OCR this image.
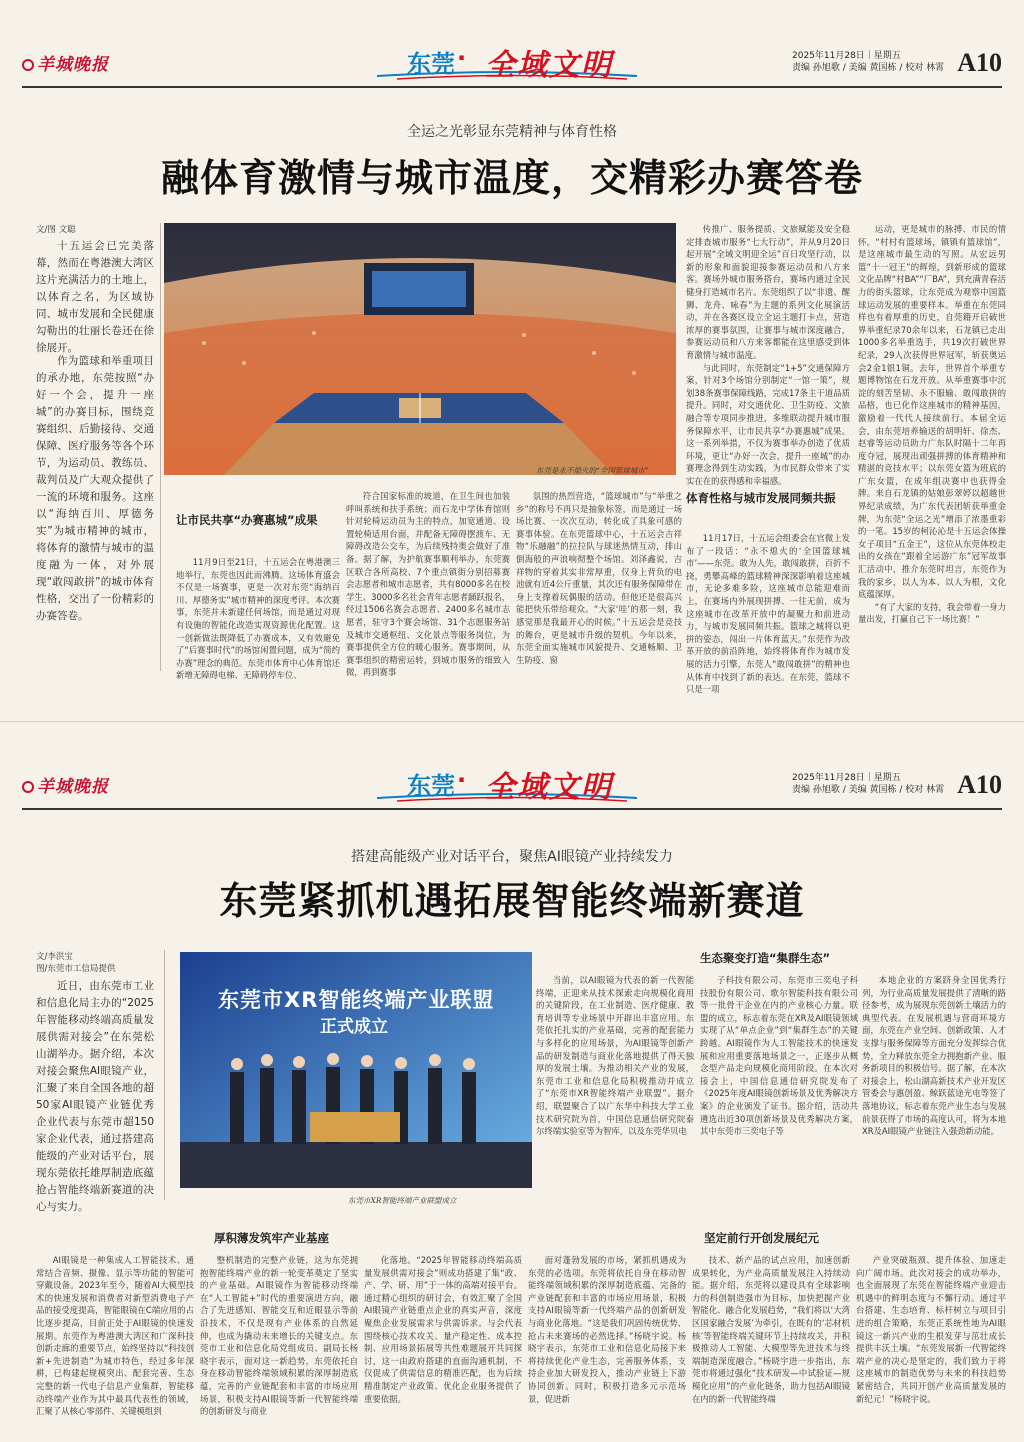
羊城晚报	东莞 · 全域文明	2025年11月28日｜星期五
责编 孙旭歌 / 美编 黄国栋 / 校对 林霄 A10
全运之光彰显东莞精神与体育性格
融体育激情与城市温度，交精彩办赛答卷
文/图 文聪

十五运会已完美落幕，然而在粤港澳大湾区这片充满活力的土地上，以体育之名，为区域协同、城市发展和全民健康勾勒出的壮丽长卷还在徐徐展开。

作为篮球和举重项目的承办地，东莞按照“办好一个会，提升一座城”的办赛目标，围绕竞赛组织、后勤接待、交通保障、医疗服务等各个环节，为运动员、教练员、裁判员及广大观众提供了一流的环境和服务。这座以“海纳百川、厚德务实”为城市精神的城市，将体育的激情与城市的温度融为一体，对外展现“敢闯敢拼”的城市体育性格，交出了一份精彩的办赛答卷。

东莞是永不熄火的“全国篮球城市”
让市民共享“办赛惠城”成果

11月9日至21日，十五运会在粤港澳三地举行，东莞也因此而沸腾。这场体育盛会不仅是一场赛事，更是一次对东莞“海纳百川、厚德务实”城市精神的深度考评。本次赛事，东莞并未新建任何场馆，而是通过对现有设施的智能化改造实现资源优化配置。这一创新做法既降低了办赛成本，又有效避免了“后赛事时代”的场馆闲置问题，成为“简约办赛”理念的典范。东莞市体育中心体育馆还新增无障碍电梯、无障碍停车位、

符合国家标准的坡道，在卫生间也加装呼叫系统和扶手系统；而石龙中学体育馆则针对轮椅运动员为主的特点，加宽通道、设置轮椅适用台面，并配备无障碍摆渡车、无障碍改造公交车，为后续残特奥会做好了准备。据了解，为护航赛事顺利举办，东莞赛区联合各所高校、7个重点镇街分别招募赛会志愿者和城市志愿者，共有8000多名在校学生、3000多名社会青年志愿者踊跃报名，经过1506名赛会志愿者、2400多名城市志愿者，驻守3个赛会场馆、31个志愿服务站及城市交通枢纽、文化景点等服务岗位，为赛事提供全方位的暖心服务。赛事期间，从赛事组织的精密运转，到城市服务的细致入微，再到赛事

氛围的热烈营造，“篮球城市”与“举重之乡”的称号不再只是抽象标签，而是通过一场场比赛、一次次互动，转化成了具象可感的赛事体验。在东莞篮球中心，十五运会吉祥物“乐融融”的拉拉队与球迷热情互动，排山倒海般的声浪响彻整个场馆。刘泽鑫说，吉祥物的穿着其实非常厚重，仅身上背负的电池就有近4公斤重量，其次还有服务保障带在身上支撑着玩偶服的活动。但他还是很高兴能把快乐带给观众。“大家‘哇’的那一刻，我感觉那是我最开心的时候。”十五运会是竞技的舞台，更是城市升级的契机。今年以来，东莞全面实施城市风貌提升、交通畅顺、卫生防疫、窗

传推广、服务提质、文旅赋能及安全稳定排查城市服务“七大行动”，并从9月20日起开展“全域文明迎全运”百日攻坚行动，以新的形象和面貌迎接参赛运动员和八方来客。赛场外城市服务搭台，赛场内通过全民健身打造城市名片。东莞组织了以“非遗、醒狮、龙舟、咏春”为主题的系列文化展演活动，并在各赛区设立全运主题打卡点，营造浓厚的赛事氛围，让赛事与城市深度融合，参赛运动员和八方来客都能在这里感受到体育激情与城市温度。

与此同时，东莞制定“1+5”交通保障方案，针对3个场馆分别制定“一馆一策”，规划38条赛事保障线路，完成17条主干道品质提升。同时，对交通优化、卫生防疫、文旅融合等专项同步推进，多维联动提升城市服务保障水平，让市民共享“办赛惠城”成果。这一系列举措，不仅为赛事举办创造了优质环境，更让“办好一次会，提升一座城”的办赛理念得到生动实践，为市民群众带来了实实在在的获得感和幸福感。

体育性格与城市发展同频共振

11月17日，十五运会组委会在官微上发布了一段话：“永不熄火的‘全国篮球城市’——东莞。敢为人先，敢闯敢拼，百折不挠，勇攀高峰的篮球精神深深影响着这座城市，无论多难多险，这座城市总能迎难而上，在赛场内外展现拼搏、一往无前，成为这座城市在改革开放中的凝聚力和前进动力，与城市发展同频共振。篮球之城将以更拼的姿态，闯出一片体育蓝天。”东莞作为改革开放的前沿阵地，始终将体育作为城市发展的活力引擎，东莞人“敢闯敢拼”的精神也从体育中找到了新的表达。在东莞，篮球不只是一项

运动，更是城市的脉搏、市民的情怀。“村村有篮球场，镇镇有篮球馆”，是这座城市最生动的写照。从宏远男篮“十一冠王”的辉煌，到新形成的篮球文化品牌“村BA”“厂BA”，到充满青春活力的街头篮球，让东莞成为观察中国篮球运动发展的重要样本。举重在东莞同样也有着厚重的历史，自莞籍开启破世界举重纪录70余年以来，石龙镇已走出1000多名举重选手，共19次打破世界纪录，29人次获得世界冠军，斩获奥运会2金1银1铜。去年，世界首个举重专题博物馆在石龙开放。从举重赛事中沉淀的刻苦坚韧、永不服输、敢闯敢拼的品格，也已化作这座城市的精神基因，激励着一代代人接续前行。本届全运会，由东莞培养输送的胡明轩、徐杰、赵睿等运动员助力广东队时隔十二年再度夺冠，展现出顽强拼搏的体育精神和精湛的竞技水平；以东莞女篮为班底的广东女篮，在成年组决赛中也获得金牌。来自石龙镇的姑娘彭翠婷以超越世界纪录成绩，为广东代表团斩获举重金牌，为东莞“全运之光”增添了浓墨重彩的一笔。15岁的柯沁沁是十五运会体操女子项目“五金王”，这位从东莞体校走出的女孩在“跟着全运游广东”冠军故事汇活动中，推介东莞时坦言，东莞作为我的家乡，以人为本、以人为根，文化底蕴深厚。

“有了大家的支持，我会带着一身力量出发，打赢自己下一场比赛！”

羊城晚报	东莞 · 全域文明	2025年11月28日｜星期五
责编 孙旭歌 / 美编 黄国栋 / 校对 林霄 A10
搭建高能级产业对话平台，聚焦AI眼镜产业持续发力
东莞紧抓机遇拓展智能终端新赛道
文/李洪宝
图/东莞市工信局提供

近日，由东莞市工业和信息化局主办的“2025年智能移动终端高质量发展供需对接会”在东莞松山湖举办。据介绍，本次对接会聚焦AI眼镜产业，汇聚了来自全国各地的超50家AI眼镜产业链优秀企业代表与东莞市超150家企业代表，通过搭建高能级的产业对话平台，展现东莞依托雄厚制造底蕴抢占智能终端新赛道的决心与实力。

东莞市XR智能终端产业联盟
正式成立
东莞市XR智能终端产业联盟成立
生态聚变打造“集群生态”

当前，以AI眼镜为代表的新一代智能终端，正迎来从技术探索走向规模化商用的关键阶段，在工业制造、医疗健康、教育培训等专业场景中开辟出丰富应用。东莞依托扎实的产业基础，完善的配套能力与多样化的应用场景，为AI眼镜等创新产品的研发制造与商业化落地提供了得天独厚的发展土壤。为推动相关产业的发展，东莞市工业和信息化局积极推动并成立了“东莞市XR智能终端产业联盟”。据介绍，联盟聚合了以广东华中科技大学工业技术研究院为首，中国信息通信研究院泰尔终端实验室等为智库，以及东莞华贝电

子科技有限公司、东莞市三奕电子科技股份有限公司、歌尔智能科技有限公司等一批骨干企业在内的产业核心力量。联盟的成立，标志着东莞在XR及AI眼镜领域实现了从“单点企业”到“集群生态”的关键跨越。AI眼镜作为人工智能技术的快速发展和应用重要落地场景之一，正逐步从概念型产品走向规模化商用阶段。在本次对接会上，中国信息通信研究院发布了《2025年度AI眼镜创新场景及优秀解决方案》的企业颁发了证书。据介绍，活动共遴选出近30项创新场景及优秀解决方案，其中东莞市三奕电子等

本地企业的方案跻身全国优秀行列，为行业高质量发展提供了清晰的路径参考，成为展现东莞创新土壤活力的典型代表。在发展机遇与营商环境方面，东莞在产业空间、创新政策、人才支撑与服务保障等方面充分发挥综合优势，全力释放东莞全力拥抱新产业、服务新项目的积极信号。据了解，在本次对接会上，松山湖高新技术产业开发区管委会与惠创盈、鲸跃蓝途光电等签了落地协议，标志着东莞产业生态与发展前景获得了市场的高度认可，将为本地XR及AI眼镜产业链注入强劲新动能。

厚积薄发筑牢产业基座	坚定前行开创发展纪元

AI眼镜是一种集成人工智能技术、通常结合音频、摄像、显示等功能的智能可穿戴设备。2023年至今，随着AI大模型技术的快速发展和消费者对新型消费电子产品的接受度提高，智能眼镜在C端应用的占比逐步提高，目前正处于AI眼镜的快速发展期。东莞作为粤港澳大湾区和广深科技创新走廊的重要节点，始终坚持以“科技创新+先进制造”为城市特色，经过多年深耕，已构建起规模突出、配套完善、生态完整的新一代电子信息产业集群，智能移动终端产业作为其中最具代表性的领域，汇聚了从核心零部件、关键模组到

整机制造的完整产业链，这为东莞拥抱智能终端产业的新一轮变革奠定了坚实的产业基础。AI眼镜作为智能移动终端在“人工智能+”时代的重要演进方向，融合了先进感知、智能交互和近眼显示等前沿技术，不仅是现有产业体系的自然延伸，也成为撬动未来增长的关键支点。东莞市工业和信息化局党组成员、副局长杨晓宇表示，面对这一新趋势，东莞依托自身在移动智能终端领域积累的深厚制造底蕴，完善的产业链配套和丰富的市场应用场景，积极支持AI眼镜等新一代智能终端的创新研发与商业

化落地。“2025年智能移动终端高质量发展供需对接会”则成功搭建了集“政、产、学、研、用”于一体的高端对接平台。通过精心组织的研讨会，有效汇聚了全国AI眼镜产业链重点企业的真实声音，深度聚焦企业发展需求与供需诉求。与会代表围绕核心技术攻关、量产稳定性、成本控制、应用场景拓展等共性难题展开共同探讨，这一由政府搭建的直面沟通机制，不仅促成了供需信息的精准匹配，也为后续精准制定产业政策、优化企业服务提供了重要依据。

面对蓬勃发展的市场，紧抓机遇成为东莞的必选项。东莞将依托自身在移动智能终端领域积累的深厚制造底蕴、完备的产业链配套和丰富的市场应用场景，积极支持AI眼镜等新一代终端产品的创新研发与商业化落地。“这是我们巩固传统优势、抢占未来赛场的必然选择。”杨晓宇说。杨晓宇表示，东莞市工业和信息化局接下来将持续优化产业生态，完善服务体系，支持企业加大研发投入，推动产业链上下游协同创新。同时，积极打造多元示范场景，促进新

技术、新产品的试点应用，加速创新成果转化，为产业高质量发展注入持续动能。据介绍，东莞将以建设具有全球影响力的科创制造强市为目标，加快把握产业智能化、融合化发展趋势，“我们将以‘大湾区国家融合发展’为牵引，在既有的‘芯材机核’等智能终端关键环节上持续攻关，并积极推动人工智能、大模型等先进技术与终端制造深度融合。”杨晓宇进一步指出，东莞市将通过强化“技术研发—中试验证—规模化应用”的产业化链条，助力包括AI眼镜在内的新一代智能终端

产业突破瓶颈、提升体验、加速走向广阔市场。此次对接会的成功举办，也全面展现了东莞在智能终端产业迎击机遇中的鲜明态度与不懈行动。通过平台搭建、生态培育、标杆树立与项目引进的组合策略，东莞正系统性地为AI眼镜这一新兴产业的生根发芽与茁壮成长提供丰沃土壤。“东莞发展新一代智能终端产业的决心是坚定的，我们致力于将这座城市的制造优势与未来的科技趋势紧密结合，共同开创产业高质量发展的新纪元！”杨晓宇说。
